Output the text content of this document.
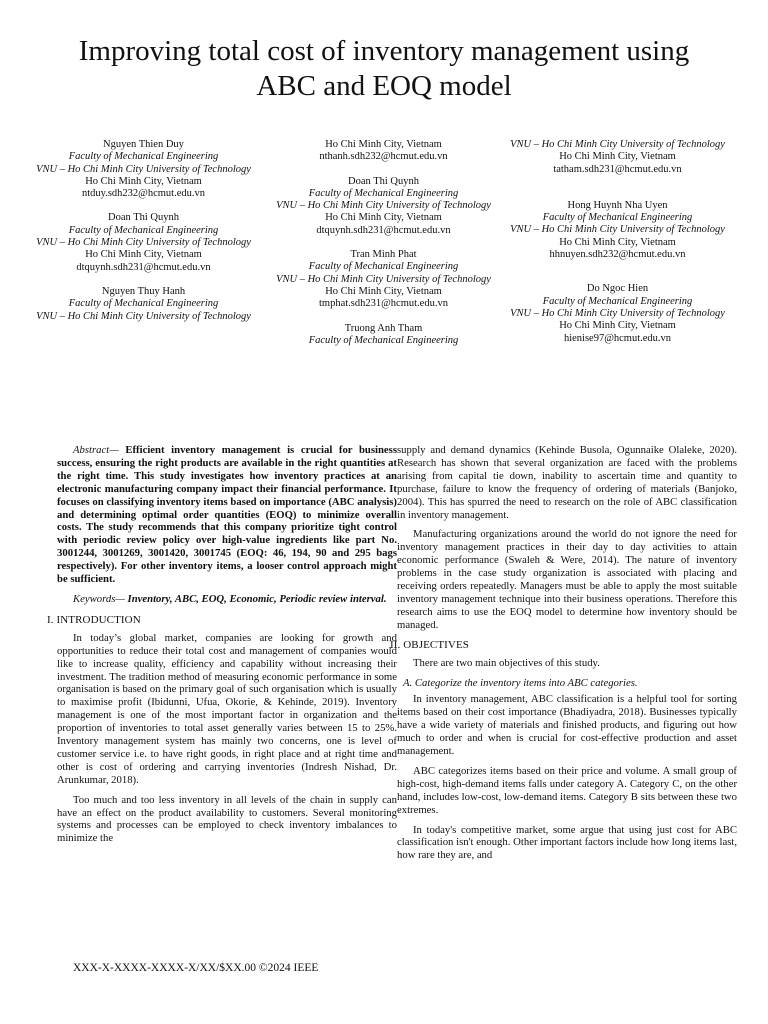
Improving total cost of inventory management using
ABC and EOQ model
Nguyen Thien Duy
Faculty of Mechanical Engineering
VNU – Ho Chi Minh City University of Technology
Ho Chi Minh City, Vietnam
ntduy.sdh232@hcmut.edu.vn
Doan Thi Quynh
Faculty of Mechanical Engineering
VNU – Ho Chi Minh City University of Technology
Ho Chi Minh City, Vietnam
dtquynh.sdh231@hcmut.edu.vn
Nguyen Thuy Hanh
Faculty of Mechanical Engineering
VNU – Ho Chi Minh City University of Technology
Ho Chi Minh City, Vietnam
nthanh.sdh232@hcmut.edu.vn
Doan Thi Quynh
Faculty of Mechanical Engineering
VNU – Ho Chi Minh City University of Technology
Ho Chi Minh City, Vietnam
dtquynh.sdh231@hcmut.edu.vn
Tran Minh Phat
Faculty of Mechanical Engineering
VNU – Ho Chi Minh City University of Technology
Ho Chi Minh City, Vietnam
tmphat.sdh231@hcmut.edu.vn
Truong Anh Tham
Faculty of Mechanical Engineering
VNU – Ho Chi Minh City University of Technology
Ho Chi Minh City, Vietnam
tatham.sdh231@hcmut.edu.vn
Hong Huynh Nha Uyen
Faculty of Mechanical Engineering
VNU – Ho Chi Minh City University of Technology
Ho Chi Minh City, Vietnam
hhnuyen.sdh232@hcmut.edu.vn
Do Ngoc Hien
Faculty of Mechanical Engineering
VNU – Ho Chi Minh City University of Technology
Ho Chi Minh City, Vietnam
hienise97@hcmut.edu.vn

Abstract— Efficient inventory management is crucial for business success, ensuring the right products are available in the right quantities at the right time. This study investigates how inventory practices at an electronic manufacturing company impact their financial performance. It focuses on classifying inventory items based on importance (ABC analysis) and determining optimal order quantities (EOQ) to minimize overall costs. The study recommends that this company prioritize tight control with periodic review policy over high-value ingredients like part No. 3001244, 3001269, 3001420, 3001745 (EOQ: 46, 194, 90 and 295 bags respectively). For other inventory items, a looser control approach might be sufficient.

Keywords— Inventory, ABC, EOQ, Economic, Periodic review interval.

I. INTRODUCTION

In today’s global market, companies are looking for growth and opportunities to reduce their total cost and management of companies would like to increase quality, efficiency and capability without increasing their investment. The tradition method of measuring economic performance in some organisation is based on the primary goal of such organisation which is usually to maximise profit (Ibidunni, Ufua, Okorie, & Kehinde, 2019). Inventory management is one of the most important factor in organization and the proportion of inventories to total asset generally varies between 15 to 25%. Inventory management system has mainly two concerns, one is level of customer service i.e. to have right goods, in right place and at right time and other is cost of ordering and carrying inventories (Indresh Nishad, Dr. Arunkumar, 2018).

Too much and too less inventory in all levels of the chain in supply can have an effect on the product availability to customers. Several monitoring systems and processes can be employed to check inventory imbalances to minimize the

supply and demand dynamics (Kehinde Busola, Ogunnaike Olaleke, 2020). Research has shown that several organization are faced with the problems arising from capital tie down, inability to ascertain time and quantity to purchase, failure to know the frequency of ordering of materials (Banjoko, 2004). This has spurred the need to research on the role of ABC classification in inventory management.

Manufacturing organizations around the world do not ignore the need for inventory management practices in their day to day activities to attain economic performance (Swaleh & Were, 2014). The nature of inventory problems in the case study organization is associated with placing and receiving orders repeatedly. Managers must be able to apply the most suitable inventory management technique into their business operations. Therefore this research aims to use the EOQ model to determine how inventory should be managed.

II. OBJECTIVES

There are two main objectives of this study.

A. Categorize the inventory items into ABC categories.

In inventory management, ABC classification is a helpful tool for sorting items based on their cost importance (Bhadiyadra, 2018). Businesses typically have a wide variety of materials and finished products, and figuring out how much to order and when is crucial for cost-effective production and asset management.

ABC categorizes items based on their price and volume. A small group of high-cost, high-demand items falls under category A. Category C, on the other hand, includes low-cost, low-demand items. Category B sits between these two extremes.

In today's competitive market, some argue that using just cost for ABC classification isn't enough. Other important factors include how long items last, how rare they are, and

XXX-X-XXXX-XXXX-X/XX/$XX.00 ©2024 IEEE
